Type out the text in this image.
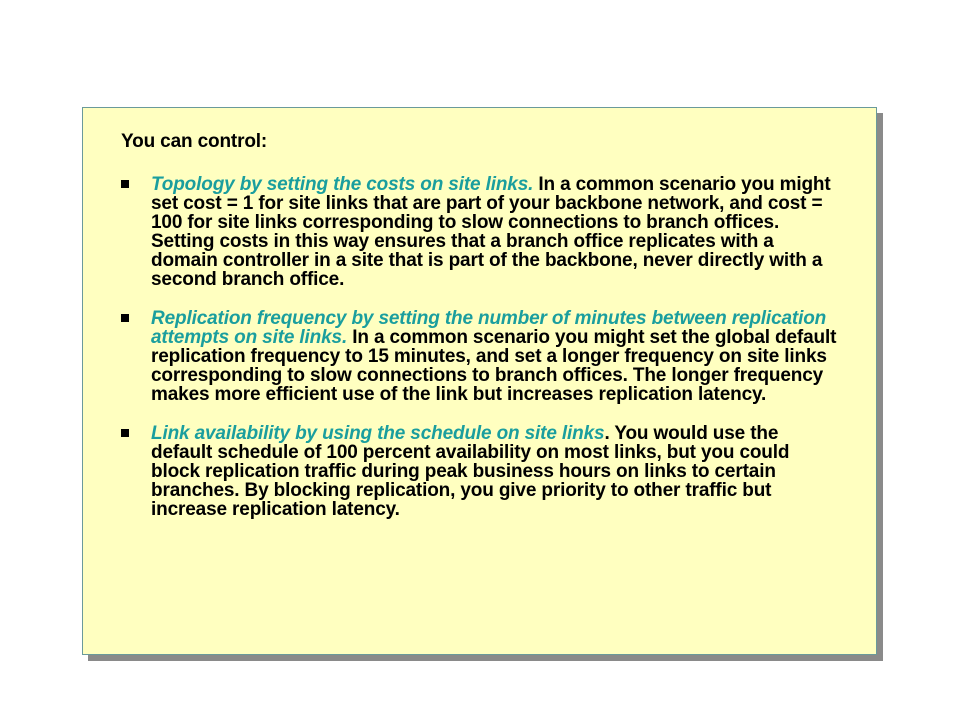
You can control:
Topology by setting the costs on site links. In a common scenario you might set cost = 1 for site links that are part of your backbone network, and cost = 100 for site links corresponding to slow connections to branch offices. Setting costs in this way ensures that a branch office replicates with a domain controller in a site that is part of the backbone, never directly with a second branch office.
Replication frequency by setting the number of minutes between replication attempts on site links. In a common scenario you might set the global default replication frequency to 15 minutes, and set a longer frequency on site links corresponding to slow connections to branch offices. The longer frequency makes more efficient use of the link but increases replication latency.
Link availability by using the schedule on site links. You would use the default schedule of 100 percent availability on most links, but you could block replication traffic during peak business hours on links to certain branches. By blocking replication, you give priority to other traffic but increase replication latency.
